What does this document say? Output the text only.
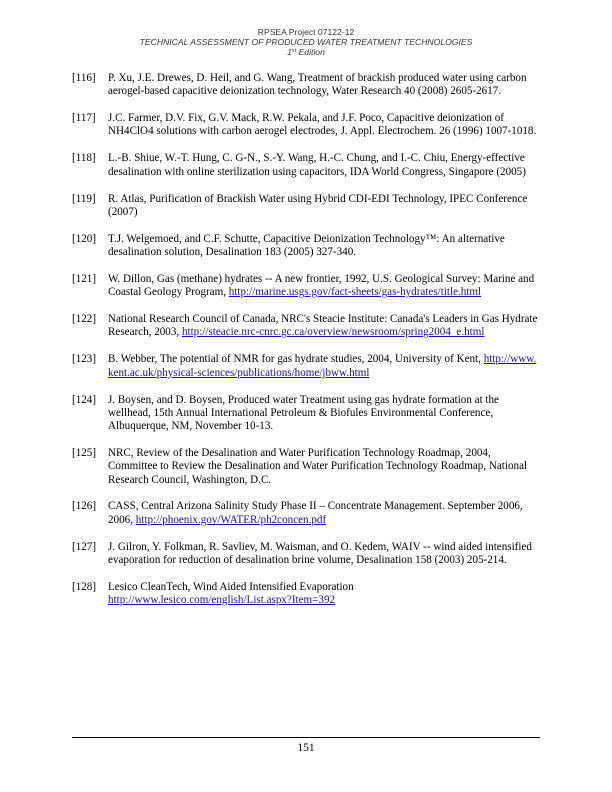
RPSEA Project 07122-12
TECHNICAL ASSESSMENT OF PRODUCED WATER TREATMENT TECHNOLOGIES
1st Edition
[116] P. Xu, J.E. Drewes, D. Heil, and G. Wang, Treatment of brackish produced water using carbon aerogel-based capacitive deionization technology, Water Research 40 (2008) 2605-2617.
[117] J.C. Farmer, D.V. Fix, G.V. Mack, R.W. Pekala, and J.F. Poco, Capacitive deionization of NH4ClO4 solutions with carbon aerogel electrodes, J. Appl. Electrochem. 26 (1996) 1007-1018.
[118] L.-B. Shiue, W.-T. Hung, C. G-N., S.-Y. Wang, H.-C. Chung, and I.-C. Chiu, Energy-effective desalination with online sterilization using capacitors, IDA World Congress, Singapore (2005)
[119] R. Atlas, Purification of Brackish Water using Hybrid CDI-EDI Technology, IPEC Conference (2007)
[120] T.J. Welgemoed, and C.F. Schutte, Capacitive Deionization Technology™: An alternative desalination solution, Desalination 183 (2005) 327-340.
[121] W. Dillon, Gas (methane) hydrates -- A new frontier, 1992, U.S. Geological Survey: Marine and Coastal Geology Program, http://marine.usgs.gov/fact-sheets/gas-hydrates/title.html
[122] National Research Council of Canada, NRC's Steacie Institute: Canada's Leaders in Gas Hydrate Research, 2003, http://steacie.nrc-cnrc.gc.ca/overview/newsroom/spring2004_e.html
[123] B. Webber, The potential of NMR for gas hydrate studies, 2004, University of Kent, http://www.kent.ac.uk/physical-sciences/publications/home/jbww.html
[124] J. Boysen, and D. Boysen, Produced water Treatment using gas hydrate formation at the wellhead, 15th Annual International Petroleum & Biofules Environmental Conference, Albuquerque, NM, November 10-13.
[125] NRC, Review of the Desalination and Water Purification Technology Roadmap, 2004, Committee to Review the Desalination and Water Purification Technology Roadmap, National Research Council, Washington, D.C.
[126] CASS, Central Arizona Salinity Study Phase II – Concentrate Management. September 2006, 2006, http://phoenix.gov/WATER/ph2concen.pdf
[127] J. Gilron, Y. Folkman, R. Savliev, M. Waisman, and O. Kedem, WAIV -- wind aided intensified evaporation for reduction of desalination brine volume, Desalination 158 (2003) 205-214.
[128] Lesico CleanTech, Wind Aided Intensified Evaporation
http://www.lesico.com/english/List.aspx?Item=392
151
